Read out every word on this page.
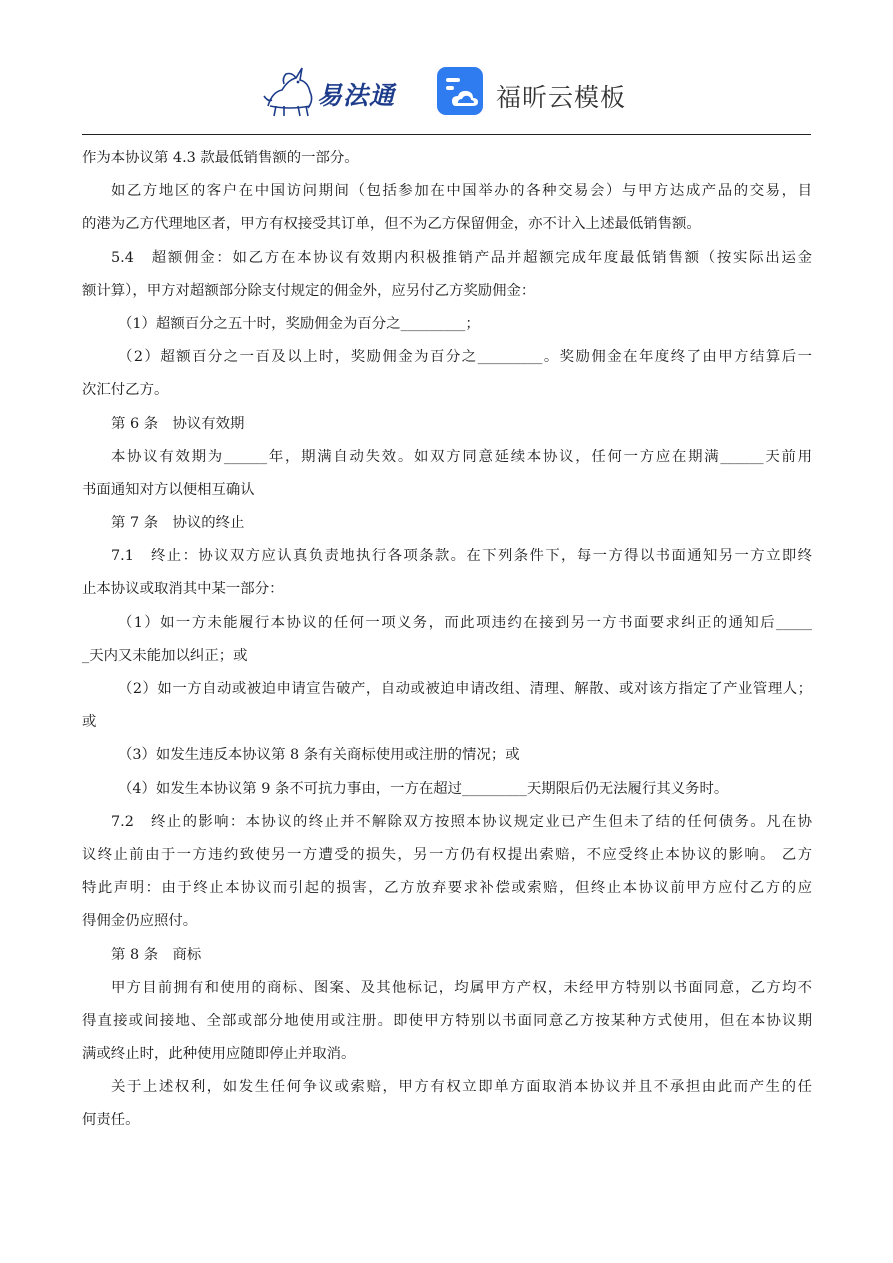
易法通	福昕云模板
作为本协议第 4.3 款最低销售额的一部分。
如乙方地区的客户在中国访问期间（包括参加在中国举办的各种交易会）与甲方达成产品的交易，目
的港为乙方代理地区者，甲方有权接受其订单，但不为乙方保留佣金，亦不计入上述最低销售额。
5.4　超额佣金：如乙方在本协议有效期内积极推销产品并超额完成年度最低销售额（按实际出运金
额计算），甲方对超额部分除支付规定的佣金外，应另付乙方奖励佣金：
（1）超额百分之五十时，奖励佣金为百分之_________；
（2）超额百分之一百及以上时，奖励佣金为百分之_________。奖励佣金在年度终了由甲方结算后一
次汇付乙方。
第 6 条　协议有效期
本协议有效期为______年，期满自动失效。如双方同意延续本协议，任何一方应在期满______天前用
书面通知对方以便相互确认
第 7 条　协议的终止
7.1　终止：协议双方应认真负责地执行各项条款。在下列条件下，每一方得以书面通知另一方立即终
止本协议或取消其中某一部分：
（1）如一方未能履行本协议的任何一项义务，而此项违约在接到另一方书面要求纠正的通知后_____
_天内又未能加以纠正；或
（2）如一方自动或被迫申请宣告破产，自动或被迫申请改组、清理、解散、或对该方指定了产业管理人；
或
（3）如发生违反本协议第 8 条有关商标使用或注册的情况；或
（4）如发生本协议第 9 条不可抗力事由，一方在超过_________天期限后仍无法履行其义务时。
7.2　终止的影响：本协议的终止并不解除双方按照本协议规定业已产生但未了结的任何债务。凡在协
议终止前由于一方违约致使另一方遭受的损失，另一方仍有权提出索赔，不应受终止本协议的影响。 乙方
特此声明：由于终止本协议而引起的损害，乙方放弃要求补偿或索赔，但终止本协议前甲方应付乙方的应
得佣金仍应照付。
第 8 条　商标
甲方目前拥有和使用的商标、图案、及其他标记，均属甲方产权，未经甲方特别以书面同意，乙方均不
得直接或间接地、全部或部分地使用或注册。即使甲方特别以书面同意乙方按某种方式使用，但在本协议期
满或终止时，此种使用应随即停止并取消。
关于上述权利，如发生任何争议或索赔，甲方有权立即单方面取消本协议并且不承担由此而产生的任
何责任。
